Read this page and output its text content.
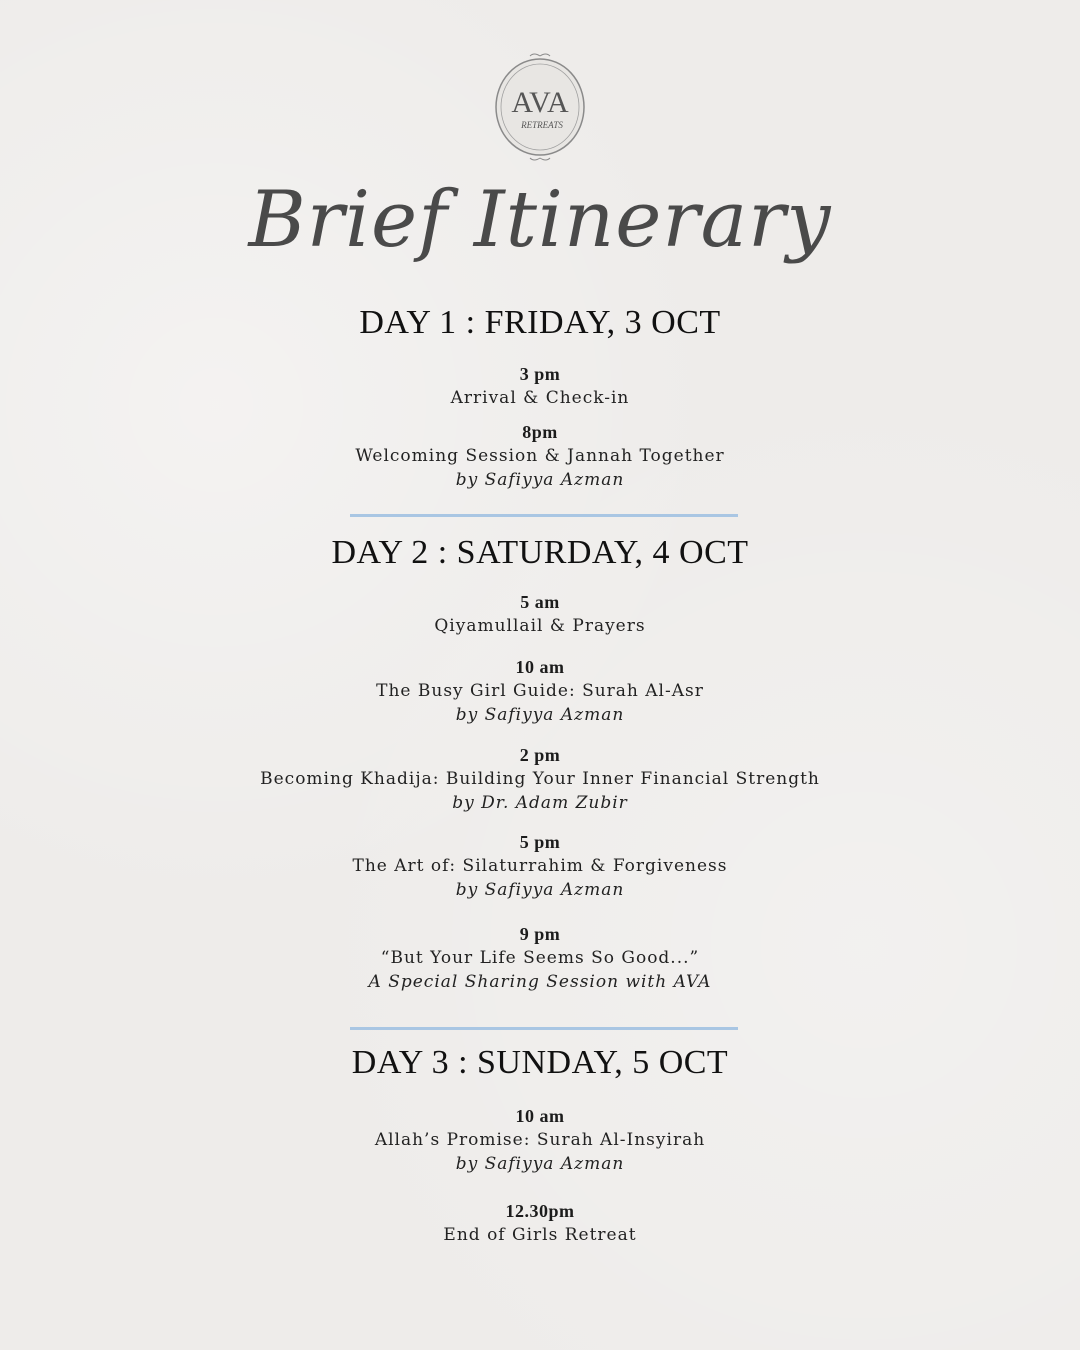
AVA
RETREATS
Brief Itinerary
DAY 1 : FRIDAY, 3 OCT
3 pm
Arrival & Check-in
8pm
Welcoming Session & Jannah Together
by Safiyya Azman
DAY 2 : SATURDAY, 4 OCT
5 am
Qiyamullail & Prayers
10 am
The Busy Girl Guide: Surah Al-Asr
by Safiyya Azman
2 pm
Becoming Khadija: Building Your Inner Financial Strength
by Dr. Adam Zubir
5 pm
The Art of: Silaturrahim & Forgiveness
by Safiyya Azman
9 pm
“But Your Life Seems So Good...”
A Special Sharing Session with AVA
DAY 3 : SUNDAY, 5 OCT
10 am
Allah’s Promise: Surah Al-Insyirah
by Safiyya Azman
12.30pm
End of Girls Retreat
